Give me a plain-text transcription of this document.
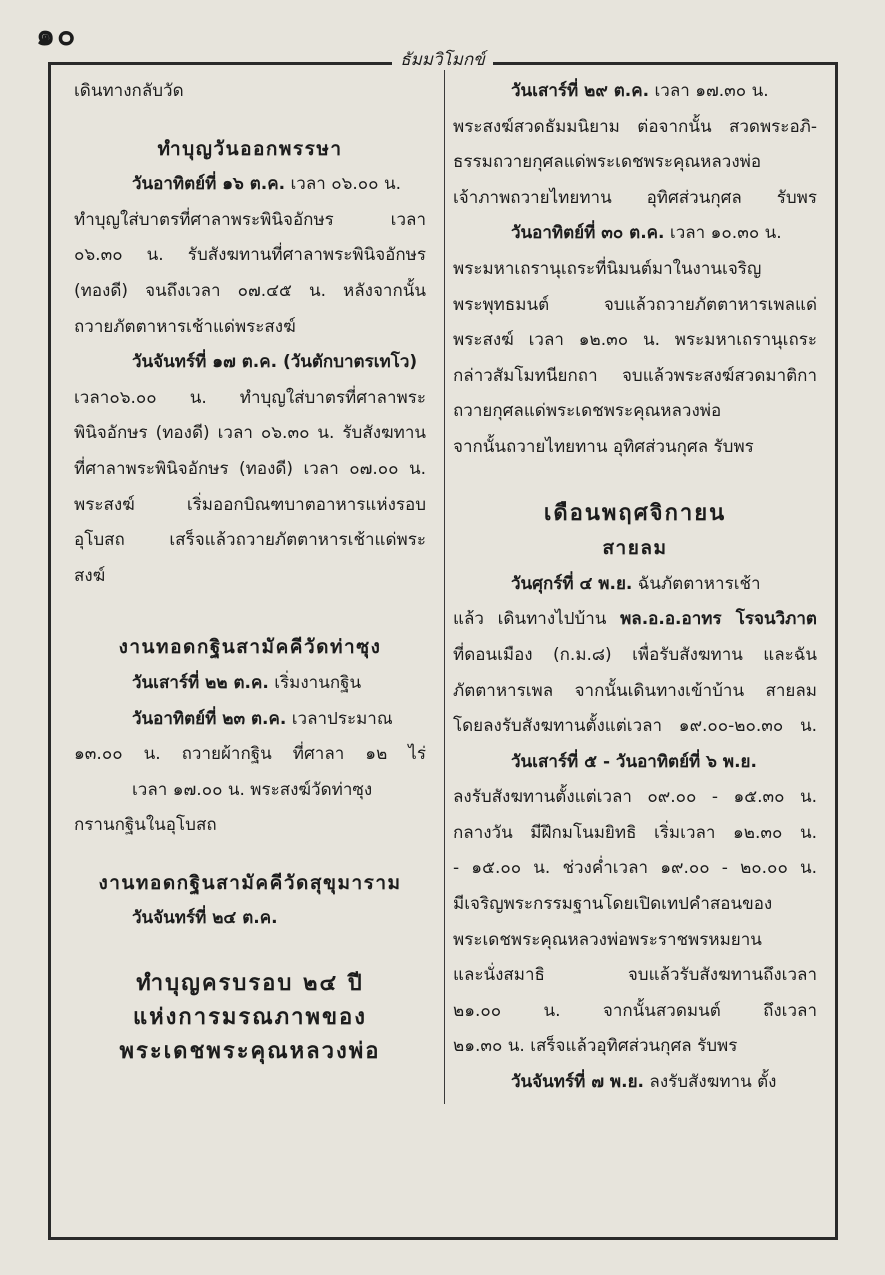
๑๐
ธัมมวิโมกข์

เดินทางกลับวัด

ทำบุญวันออกพรรษา

วันอาทิตย์ที่ ๑๖ ต.ค. เวลา ๐๖.๐๐ น.

ทำบุญใส่บาตรที่ศาลาพระพินิจอักษร เวลา

๐๖.๓๐ น. รับสังฆทานที่ศาลาพระพินิจอักษร

(ทองดี) จนถึงเวลา ๐๗.๔๕ น. หลังจากนั้น

ถวายภัตตาหารเช้าแด่พระสงฆ์

วันจันทร์ที่ ๑๗ ต.ค. (วันตักบาตรเทโว)

เวลา๐๖.๐๐ น. ทำบุญใส่บาตรที่ศาลาพระ

พินิจอักษร (ทองดี) เวลา ๐๖.๓๐ น. รับสังฆทาน

ที่ศาลาพระพินิจอักษร (ทองดี) เวลา ๐๗.๐๐ น.

พระสงฆ์ เริ่มออกบิณฑบาตอาหารแห่งรอบ

อุโบสถ เสร็จแล้วถวายภัตตาหารเช้าแด่พระ

สงฆ์

งานทอดกฐินสามัคคีวัดท่าซุง

วันเสาร์ที่ ๒๒ ต.ค. เริ่มงานกฐิน

วันอาทิตย์ที่ ๒๓ ต.ค. เวลาประมาณ

๑๓.๐๐ น. ถวายผ้ากฐิน ที่ศาลา ๑๒ ไร่

เวลา ๑๗.๐๐ น. พระสงฆ์วัดท่าซุง

กรานกฐินในอุโบสถ

งานทอดกฐินสามัคคีวัดสุขุมาราม

วันจันทร์ที่ ๒๔ ต.ค.

ทำบุญครบรอบ ๒๔ ปี

แห่งการมรณภาพของ

พระเดชพระคุณหลวงพ่อ

วันเสาร์ที่ ๒๙ ต.ค. เวลา ๑๗.๓๐ น.

พระสงฆ์สวดธัมมนิยาม ต่อจากนั้น สวดพระอภิ-

ธรรมถวายกุศลแด่พระเดชพระคุณหลวงพ่อ

เจ้าภาพถวายไทยทาน อุทิศส่วนกุศล รับพร

วันอาทิตย์ที่ ๓๐ ต.ค. เวลา ๑๐.๓๐ น.

พระมหาเถรานุเถระที่นิมนต์มาในงานเจริญ

พระพุทธมนต์ จบแล้วถวายภัตตาหารเพลแด่

พระสงฆ์ เวลา ๑๒.๓๐ น. พระมหาเถรานุเถระ

กล่าวสัมโมทนียกถา จบแล้วพระสงฆ์สวดมาติกา

ถวายกุศลแด่พระเดชพระคุณหลวงพ่อ

จากนั้นถวายไทยทาน อุทิศส่วนกุศล รับพร

เดือนพฤศจิกายน

สายลม

วันศุกร์ที่ ๔ พ.ย. ฉันภัตตาหารเช้า

แล้ว เดินทางไปบ้าน พล.อ.อ.อาทร โรจนวิภาต

ที่ดอนเมือง (ก.ม.๘) เพื่อรับสังฆทาน และฉัน

ภัตตาหารเพล จากนั้นเดินทางเข้าบ้าน สายลม

โดยลงรับสังฆทานตั้งแต่เวลา ๑๙.๐๐-๒๐.๓๐ น.

วันเสาร์ที่ ๕ - วันอาทิตย์ที่ ๖ พ.ย.

ลงรับสังฆทานตั้งแต่เวลา ๐๙.๐๐ - ๑๕.๓๐ น.

กลางวัน มีฝึกมโนมยิทธิ เริ่มเวลา ๑๒.๓๐ น.

- ๑๕.๐๐ น. ช่วงค่ำเวลา ๑๙.๐๐ - ๒๐.๐๐ น.

มีเจริญพระกรรมฐานโดยเปิดเทปคำสอนของ

พระเดชพระคุณหลวงพ่อพระราชพรหมยาน

และนั่งสมาธิ จบแล้วรับสังฆทานถึงเวลา

๒๑.๐๐ น. จากนั้นสวดมนต์ ถึงเวลา

๒๑.๓๐ น. เสร็จแล้วอุทิศส่วนกุศล รับพร

วันจันทร์ที่ ๗ พ.ย. ลงรับสังฆทาน ตั้ง
